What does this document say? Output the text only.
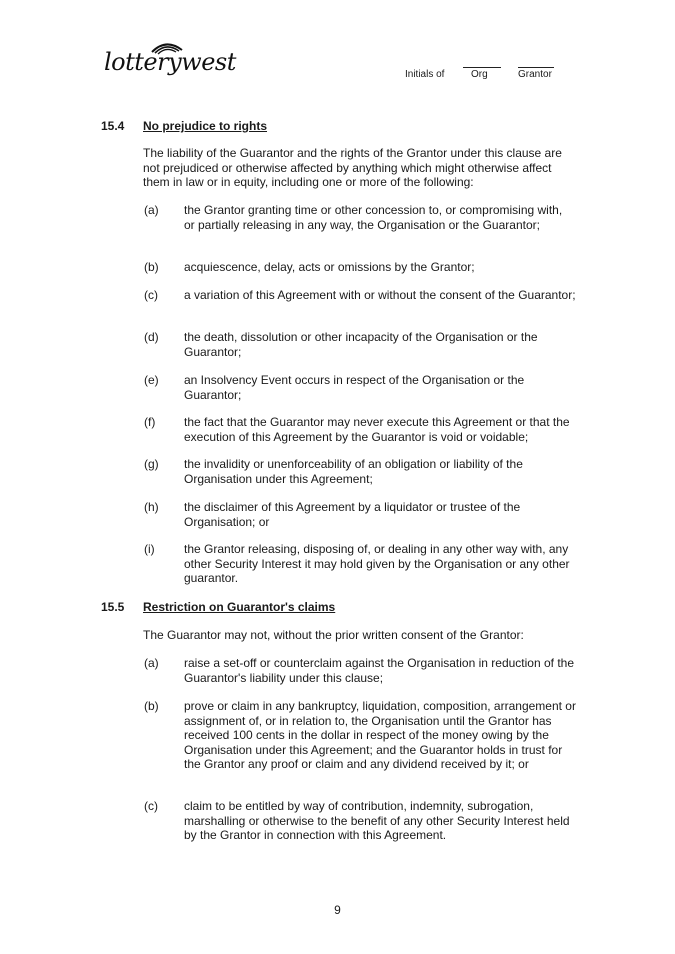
lotterywest	Initials of	Org	Grantor
15.4 No prejudice to rights
The liability of the Guarantor and the rights of the Grantor under this clause are not prejudiced or otherwise affected by anything which might otherwise affect them in law or in equity, including one or more of the following:
(a) the Grantor granting time or other concession to, or compromising with, or partially releasing in any way, the Organisation or the Guarantor;
(b) acquiescence, delay, acts or omissions by the Grantor;
(c) a variation of this Agreement with or without the consent of the Guarantor;
(d) the death, dissolution or other incapacity of the Organisation or the Guarantor;
(e) an Insolvency Event occurs in respect of the Organisation or the Guarantor;
(f) the fact that the Guarantor may never execute this Agreement or that the execution of this Agreement by the Guarantor is void or voidable;
(g) the invalidity or unenforceability of an obligation or liability of the Organisation under this Agreement;
(h) the disclaimer of this Agreement by a liquidator or trustee of the Organisation; or
(i) the Grantor releasing, disposing of, or dealing in any other way with, any other Security Interest it may hold given by the Organisation or any other guarantor.
15.5 Restriction on Guarantor's claims
The Guarantor may not, without the prior written consent of the Grantor:
(a) raise a set-off or counterclaim against the Organisation in reduction of the Guarantor's liability under this clause;
(b) prove or claim in any bankruptcy, liquidation, composition, arrangement or assignment of, or in relation to, the Organisation until the Grantor has received 100 cents in the dollar in respect of the money owing by the Organisation under this Agreement; and the Guarantor holds in trust for the Grantor any proof or claim and any dividend received by it; or
(c) claim to be entitled by way of contribution, indemnity, subrogation, marshalling or otherwise to the benefit of any other Security Interest held by the Grantor in connection with this Agreement.
9
